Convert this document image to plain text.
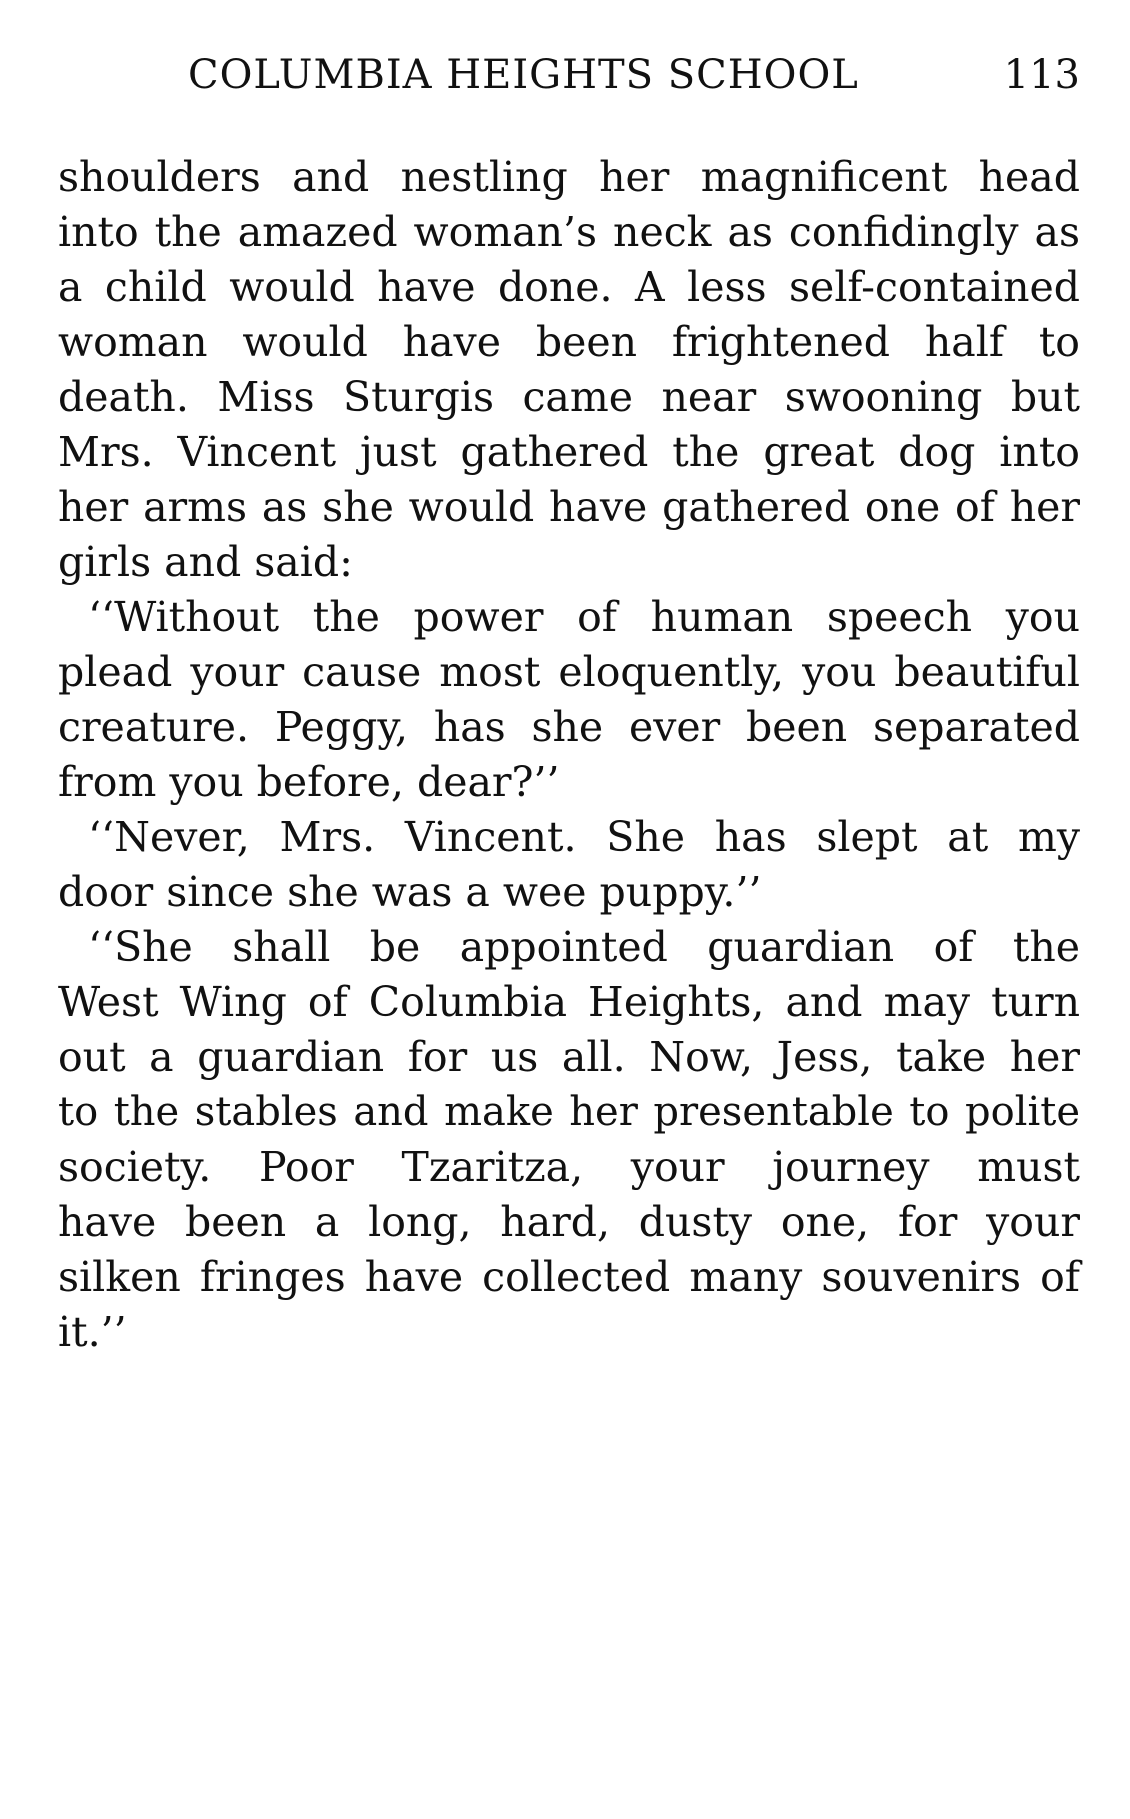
COLUMBIA HEIGHTS SCHOOL	113
shoulders and nestling her magnificent head
into the amazed woman’s neck as confidingly as
a child would have done. A less self-contained
woman would have been frightened half to
death. Miss Sturgis came near swooning but
Mrs. Vincent just gathered the great dog into
her arms as she would have gathered one of her
girls and said:
‘‘Without the power of human speech you
plead your cause most eloquently, you beautiful
creature. Peggy, has she ever been separated
from you before, dear?’’
‘‘Never, Mrs. Vincent. She has slept at my
door since she was a wee puppy.’’
‘‘She shall be appointed guardian of the
West Wing of Columbia Heights, and may turn
out a guardian for us all. Now, Jess, take her
to the stables and make her presentable to polite
society. Poor Tzaritza, your journey must
have been a long, hard, dusty one, for your
silken fringes have collected many souvenirs of
it.’’
